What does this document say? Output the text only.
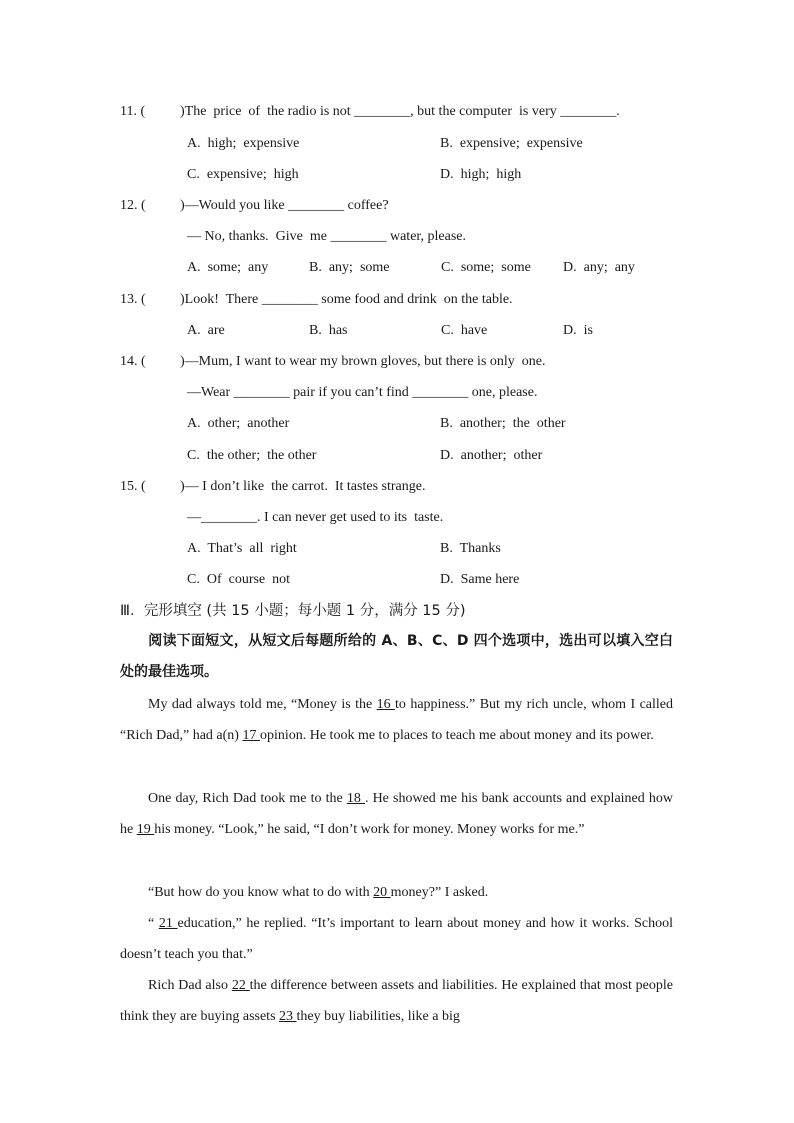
11. ( )The  price  of  the radio is not ________, but the computer  is very ________.
A.  high;  expensive	B.  expensive;  expensive
C.  expensive;  high	D.  high;  high
12. ( )—Would you like ________ coffee?
— No, thanks.  Give  me ________ water, please.
A.  some;  any	B.  any;  some	C.  some;  some D.  any;  any
13. ( )Look!  There ________ some food and drink  on the table.
A.  are	B.  has	C.  have	D.  is
14. ( )—Mum, I want to wear my brown gloves, but there is only  one.
—Wear ________ pair if you can’t find ________ one, please.
A.  other;  another	B.  another;  the  other
C.  the other;  the other	D.  another;  other
15. ( )— I don’t like  the carrot.  It tastes strange.
—________. I can never get used to its  taste.
A.  That’s  all  right	B.  Thanks
C.  Of  course  not	D.  Same here
Ⅲ.  完形填空 (共 15 小题；每小题 1 分，满分 15 分)
阅读下面短文，从短文后每题所给的 A、B、C、D 四个选项中，选出可以填入空白处的最佳选项。
My dad always told me, “Money is the 16 to happiness.” But my rich uncle, whom I called “Rich Dad,” had a(n) 17 opinion. He took me to places to teach me about money and its power.
One day, Rich Dad took me to the 18 . He showed me his bank accounts and explained how he 19 his money. “Look,” he said, “I don’t work for money. Money works for me.”
“But how do you know what to do with 20 money?” I asked.
“ 21 education,” he replied. “It’s important to learn about money and how it works. School doesn’t teach you that.”
Rich Dad also 22 the difference between assets and liabilities. He explained that most people think they are buying assets 23 they buy liabilities, like a big
